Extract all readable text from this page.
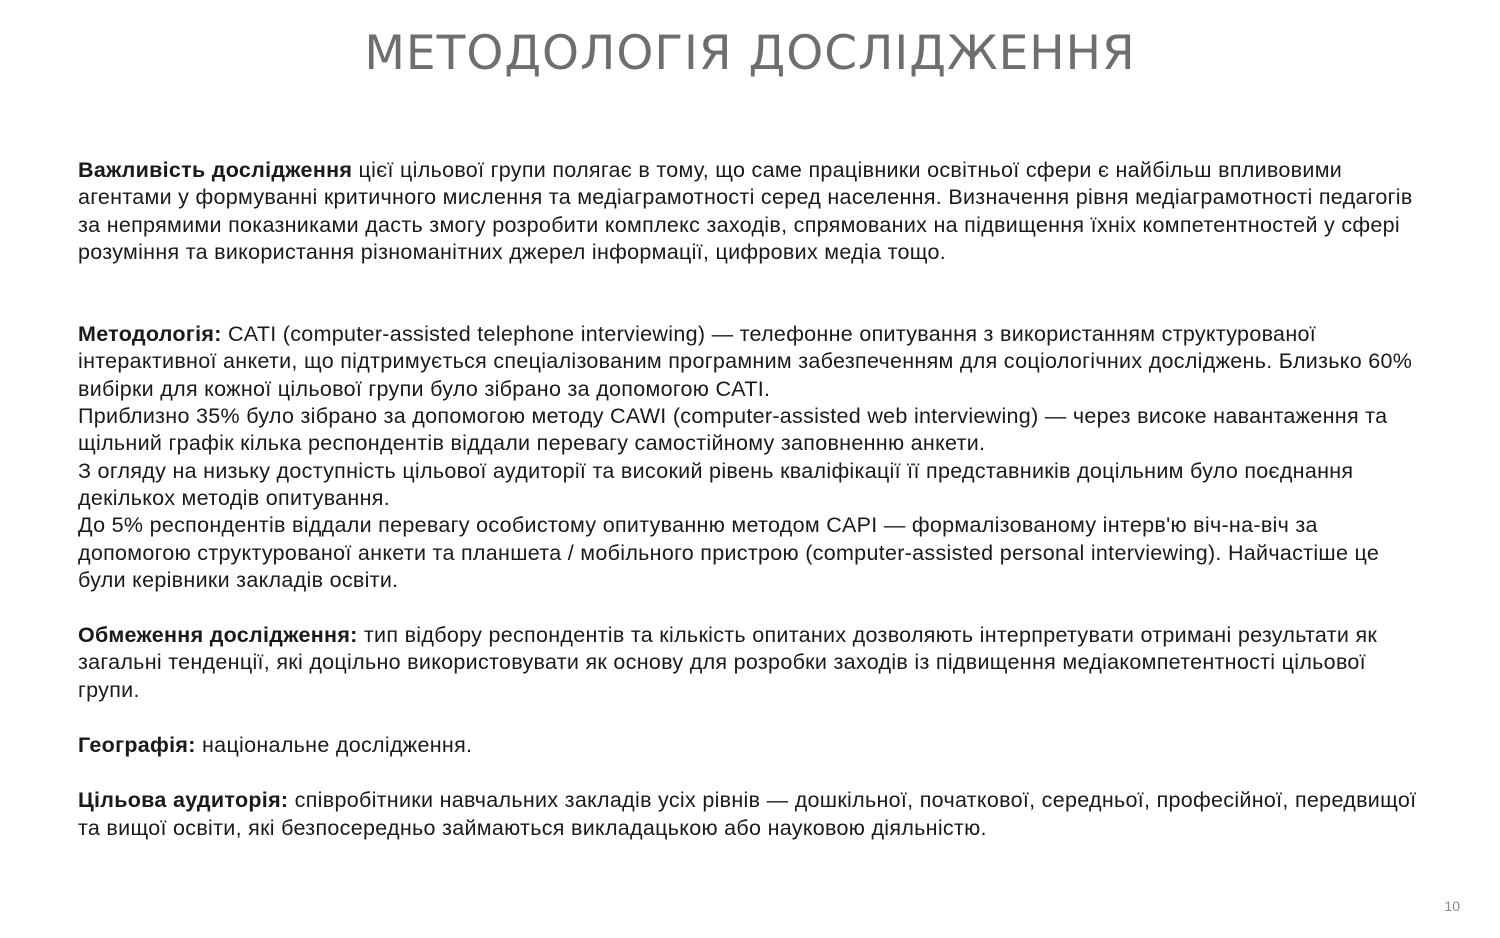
МЕТОДОЛОГІЯ ДОСЛІДЖЕННЯ

Важливість дослідження цієї цільової групи полягає в тому, що саме працівники освітньої сфери є найбільш впливовими агентами у формуванні критичного мислення та медіаграмотності серед населення. Визначення рівня медіаграмотності педагогів за непрямими показниками дасть змогу розробити комплекс заходів, спрямованих на підвищення їхніх компетентностей у сфері розуміння та використання різноманітних джерел інформації, цифрових медіа тощо.

Методологія: CATI (computer-assisted telephone interviewing) — телефонне опитування з використанням структурованої інтерактивної анкети, що підтримується спеціалізованим програмним забезпеченням для соціологічних досліджень. Близько 60% вибірки для кожної цільової групи було зібрано за допомогою CATI.

Приблизно 35% було зібрано за допомогою методу CAWI (computer-assisted web interviewing) — через високе навантаження та щільний графік кілька респондентів віддали перевагу самостійному заповненню анкети.

З огляду на низьку доступність цільової аудиторії та високий рівень кваліфікації її представників доцільним було поєднання декількох методів опитування.

До 5% респондентів віддали перевагу особистому опитуванню методом CAPI — формалізованому інтерв'ю віч-на-віч за допомогою структурованої анкети та планшета / мобільного пристрою (computer-assisted personal interviewing). Найчастіше це були керівники закладів освіти.

Обмеження дослідження: тип відбору респондентів та кількість опитаних дозволяють інтерпретувати отримані результати як загальні тенденції, які доцільно використовувати як основу для розробки заходів із підвищення медіакомпетентності цільової групи.

Географія: національне дослідження.

Цільова аудиторія: співробітники навчальних закладів усіх рівнів — дошкільної, початкової, середньої, професійної, передвищої та вищої освіти, які безпосередньо займаються викладацькою або науковою діяльністю.

10
